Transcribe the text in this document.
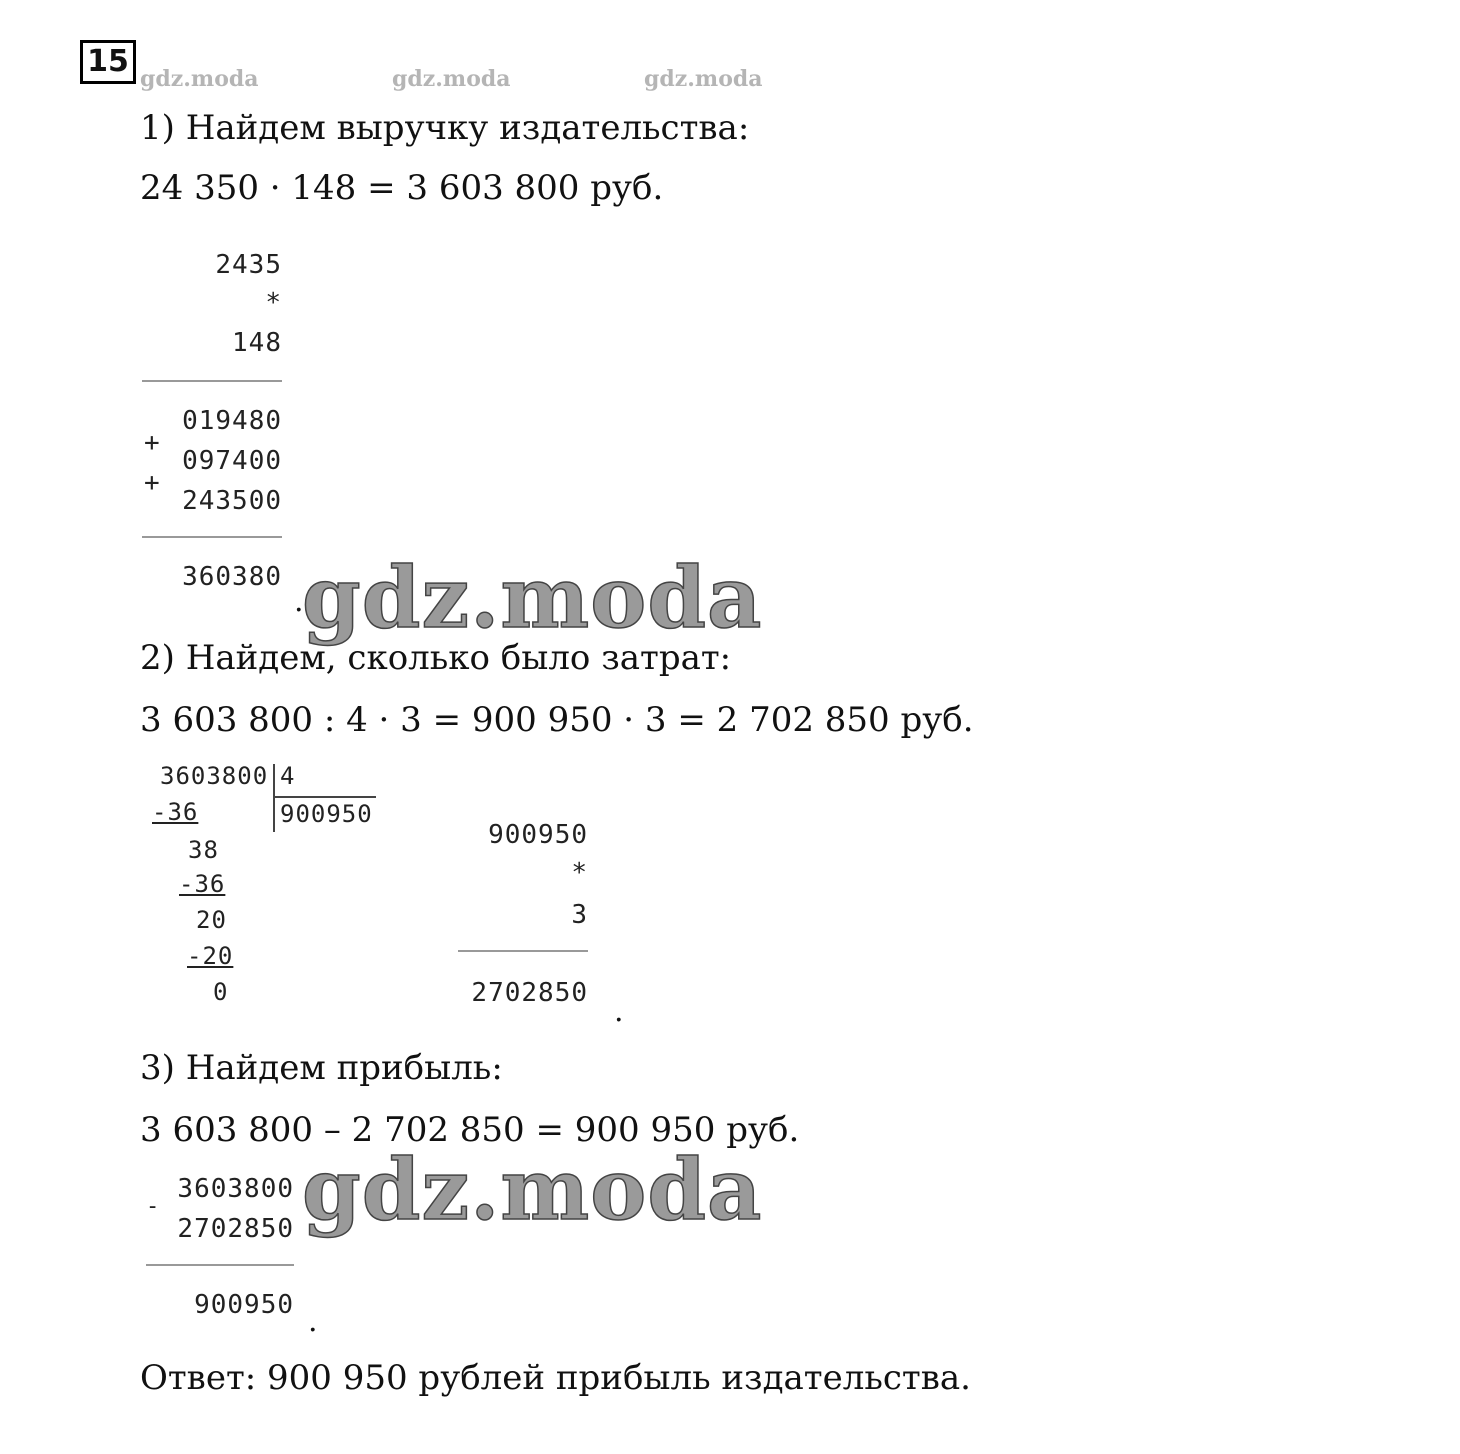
15 gdz.moda	gdz.moda	gdz.moda
1) Найдем выручку издательства:
24 350 · 148 = 3 603 800 руб.
2435
*
148
019480
+
097400
+
243500
360380
.
gdz.moda
2) Найдем, сколько было затрат:
3 603 800 : 4 · 3 = 900 950 · 3 = 2 702 850 руб.
3603800 4
900950
-36
38
-36
20
-20
0
900950
*
3
2702850
.
3) Найдем прибыль:
3 603 800 – 2 702 850 = 900 950 руб.
3603800
-
2702850
900950 .
gdz.moda
Ответ: 900 950 рублей прибыль издательства.
